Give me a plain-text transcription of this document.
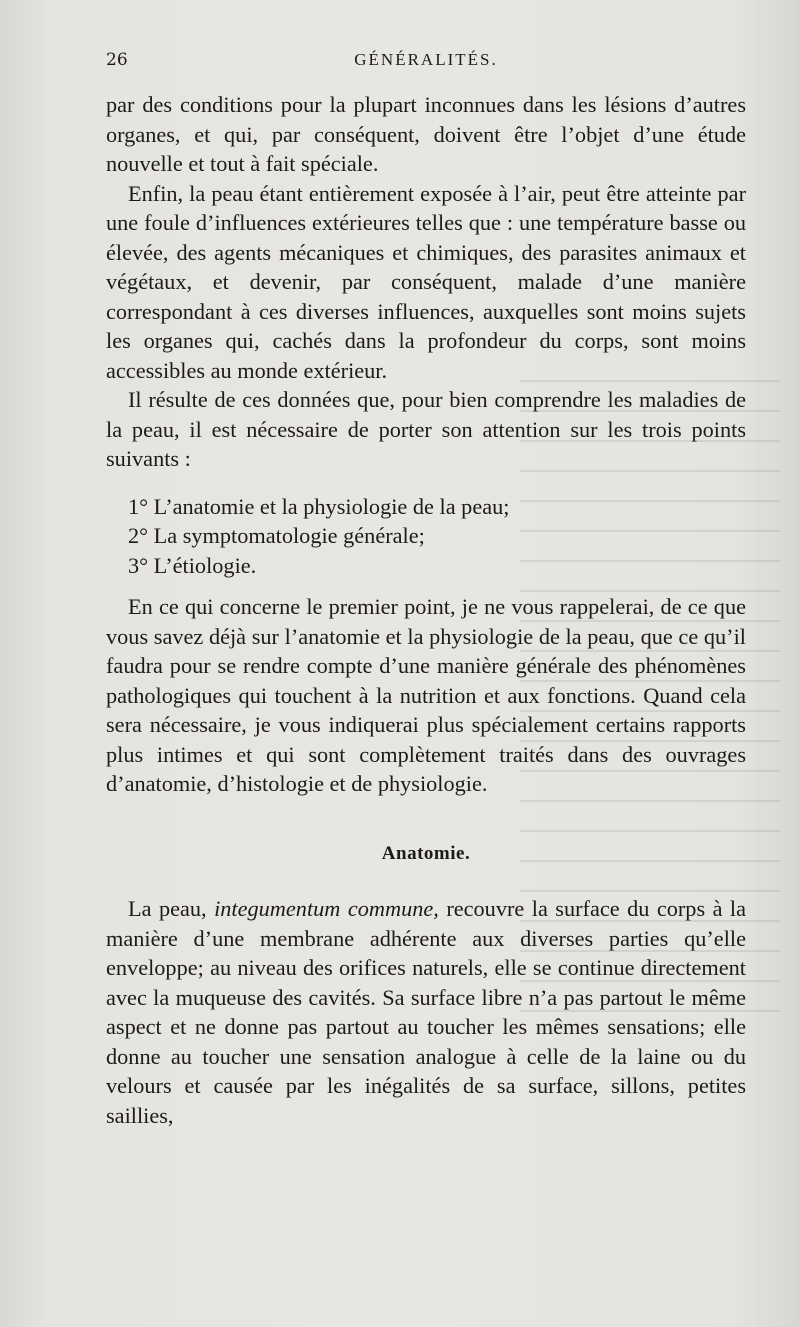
26	GÉNÉRALITÉS.

par des conditions pour la plupart inconnues dans les lésions d’autres organes, et qui, par conséquent, doivent être l’objet d’une étude nouvelle et tout à fait spéciale.

Enfin, la peau étant entièrement exposée à l’air, peut être atteinte par une foule d’influences extérieures telles que : une température basse ou élevée, des agents mécaniques et chimiques, des parasites animaux et végétaux, et devenir, par conséquent, malade d’une manière correspondant à ces diverses influences, auxquelles sont moins sujets les organes qui, cachés dans la profondeur du corps, sont moins accessibles au monde extérieur.

Il résulte de ces données que, pour bien comprendre les maladies de la peau, il est nécessaire de porter son attention sur les trois points suivants :

1° L’anatomie et la physiologie de la peau;
2° La symptomatologie générale;
3° L’étiologie.

En ce qui concerne le premier point, je ne vous rappelerai, de ce que vous savez déjà sur l’anatomie et la physiologie de la peau, que ce qu’il faudra pour se rendre compte d’une manière générale des phénomènes pathologiques qui touchent à la nutrition et aux fonctions. Quand cela sera nécessaire, je vous indiquerai plus spécialement certains rapports plus intimes et qui sont complètement traités dans des ouvrages d’anatomie, d’histologie et de physiologie.

Anatomie.

La peau, integumentum commune, recouvre la surface du corps à la manière d’une membrane adhérente aux diverses parties qu’elle enveloppe; au niveau des orifices naturels, elle se continue directement avec la muqueuse des cavités. Sa surface libre n’a pas partout le même aspect et ne donne pas partout au toucher les mêmes sensations; elle donne au toucher une sensation analogue à celle de la laine ou du velours et causée par les inégalités de sa surface, sillons, petites saillies,
